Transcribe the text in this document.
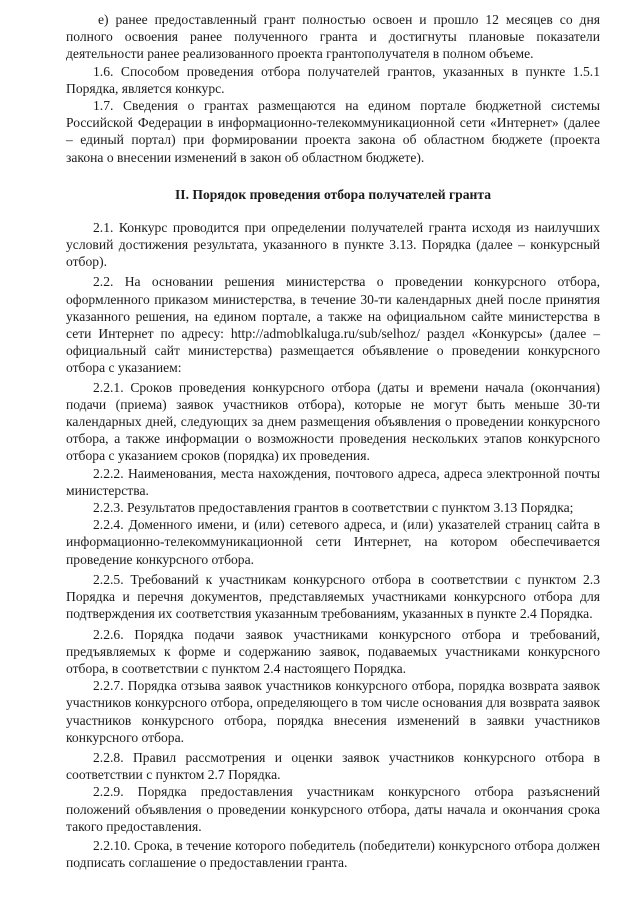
е) ранее предоставленный грант полностью освоен и прошло 12 месяцев со дня полного освоения ранее полученного гранта и достигнуты плановые показатели деятельности ранее реализованного проекта грантополучателя в полном объеме.

1.6. Способом проведения отбора получателей грантов, указанных в пункте 1.5.1 Порядка, является конкурс.

1.7. Сведения о грантах размещаются на едином портале бюджетной системы Российской Федерации в информационно-телекоммуникационной сети «Интернет» (далее – единый портал) при формировании проекта закона об областном бюджете (проекта закона о внесении изменений в закон об областном бюджете).

II. Порядок проведения отбора получателей гранта

2.1. Конкурс проводится при определении получателей гранта исходя из наилучших условий достижения результата, указанного в пункте 3.13. Порядка (далее – конкурсный отбор).

2.2. На основании решения министерства о проведении конкурсного отбора, оформленного приказом министерства, в течение 30-ти календарных дней после принятия указанного решения, на едином портале, а также на официальном сайте министерства в сети Интернет по адресу: http://admoblkaluga.ru/sub/selhoz/ раздел «Конкурсы» (далее – официальный сайт министерства) размещается объявление о проведении конкурсного отбора с указанием:

2.2.1. Сроков проведения конкурсного отбора (даты и времени начала (окончания) подачи (приема) заявок участников отбора), которые не могут быть меньше 30-ти календарных дней, следующих за днем размещения объявления о проведении конкурсного отбора, а также информации о возможности проведения нескольких этапов конкурсного отбора с указанием сроков (порядка) их проведения.

2.2.2. Наименования, места нахождения, почтового адреса, адреса электронной почты министерства.

2.2.3. Результатов предоставления грантов в соответствии с пунктом 3.13 Порядка;

2.2.4. Доменного имени, и (или) сетевого адреса, и (или) указателей страниц сайта в информационно-телекоммуникационной сети Интернет, на котором обеспечивается проведение конкурсного отбора.

2.2.5. Требований к участникам конкурсного отбора в соответствии с пунктом 2.3 Порядка и перечня документов, представляемых участниками конкурсного отбора для подтверждения их соответствия указанным требованиям, указанных в пункте 2.4 Порядка.

2.2.6. Порядка подачи заявок участниками конкурсного отбора и требований, предъявляемых к форме и содержанию заявок, подаваемых участниками конкурсного отбора, в соответствии с пунктом 2.4 настоящего Порядка.

2.2.7. Порядка отзыва заявок участников конкурсного отбора, порядка возврата заявок участников конкурсного отбора, определяющего в том числе основания для возврата заявок участников конкурсного отбора, порядка внесения изменений в заявки участников конкурсного отбора.

2.2.8. Правил рассмотрения и оценки заявок участников конкурсного отбора в соответствии с пунктом 2.7 Порядка.

2.2.9. Порядка предоставления участникам конкурсного отбора разъяснений положений объявления о проведении конкурсного отбора, даты начала и окончания срока такого предоставления.

2.2.10. Срока, в течение которого победитель (победители) конкурсного отбора должен подписать соглашение о предоставлении гранта.
